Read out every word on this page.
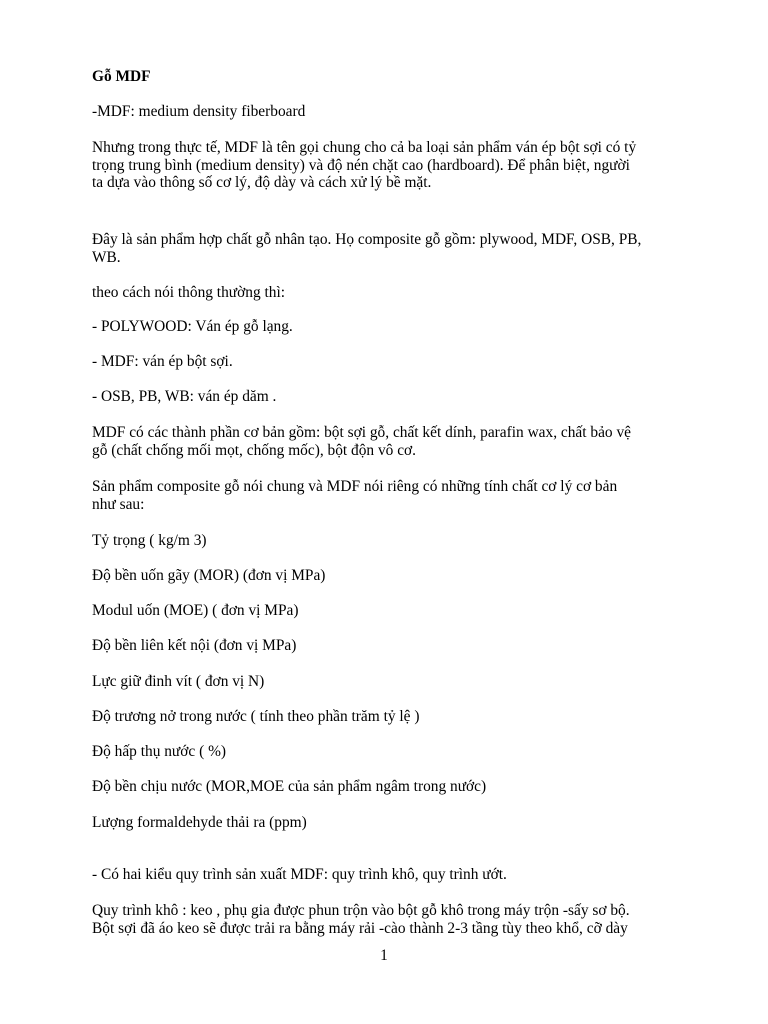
Gỗ MDF

-MDF: medium density fiberboard

Nhưng trong thực tế, MDF là tên gọi chung cho cả ba loại sản phẩm ván ép bột sợi có tỷ
trọng trung bình (medium density) và độ nén chặt cao (hardboard). Để phân biệt, người
ta dựa vào thông số cơ lý, độ dày và cách xử lý bề mặt.

Đây là sản phẩm hợp chất gỗ nhân tạo. Họ composite gỗ gồm: plywood, MDF, OSB, PB,
WB.

theo cách nói thông thường thì:

- POLYWOOD: Ván ép gỗ lạng.

- MDF: ván ép bột sợi.

- OSB, PB, WB: ván ép dăm .

MDF có các thành phần cơ bản gồm: bột sợi gỗ, chất kết dính, parafin wax, chất bảo vệ
gỗ (chất chống mối mọt, chống mốc), bột độn vô cơ.

Sản phẩm composite gỗ nói chung và MDF nói riêng có những tính chất cơ lý cơ bản
như sau:

Tỷ trọng ( kg/m 3)

Độ bền uốn gãy (MOR) (đơn vị MPa)

Modul uốn (MOE) ( đơn vị MPa)

Độ bền liên kết nội (đơn vị MPa)

Lực giữ đinh vít ( đơn vị N)

Độ trương nở trong nước ( tính theo phần trăm tỷ lệ )

Độ hấp thụ nước ( %)

Độ bền chịu nước (MOR,MOE của sản phẩm ngâm trong nước)

Lượng formaldehyde thải ra (ppm)

- Có hai kiểu quy trình sản xuất MDF: quy trình khô, quy trình ướt.

Quy trình khô : keo , phụ gia được phun trộn vào bột gỗ khô trong máy trộn -sấy sơ bộ.
Bột sợi đã áo keo sẽ được trải ra bằng máy rải -cào thành 2-3 tầng tùy theo khổ, cỡ dày

1
